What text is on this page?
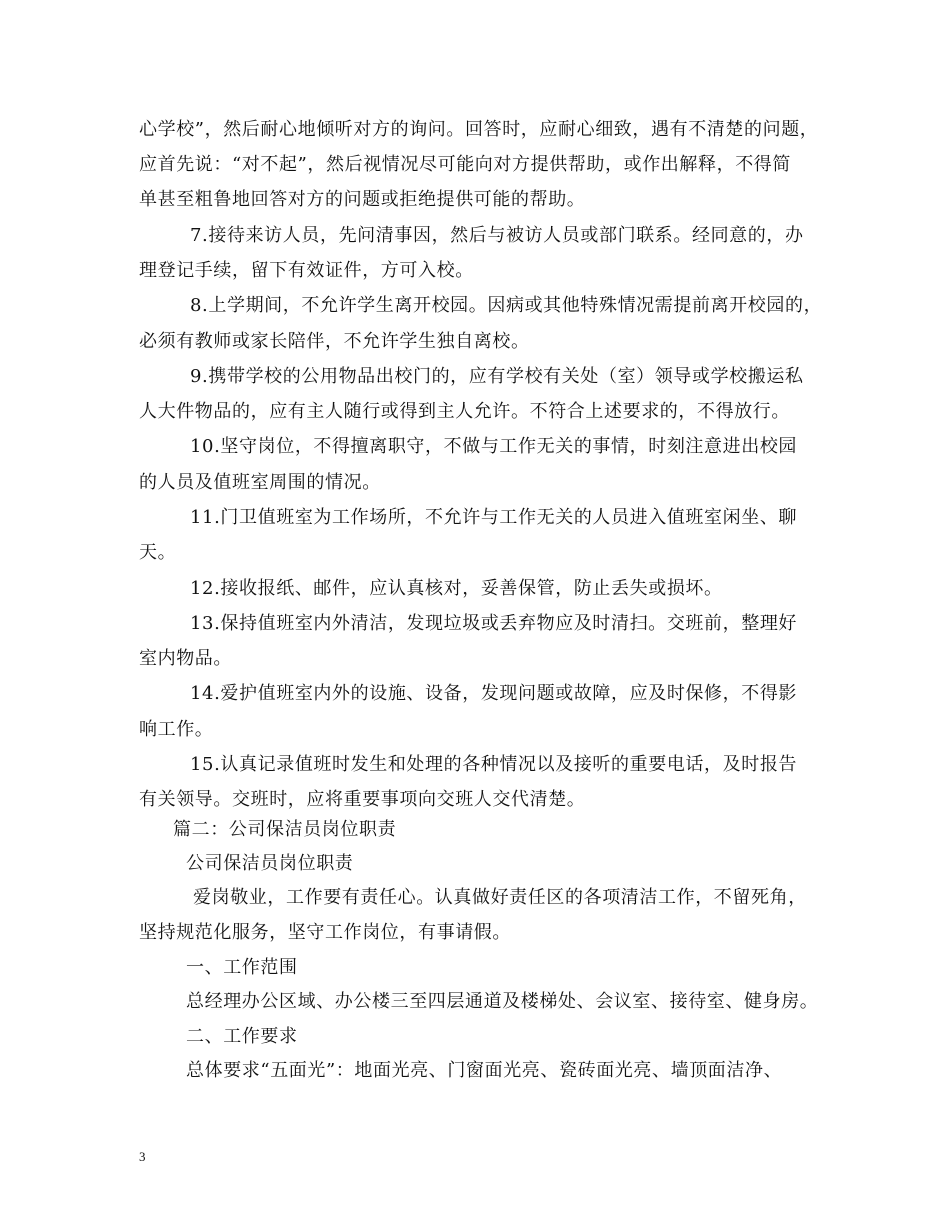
心学校”，然后耐心地倾听对方的询问。回答时，应耐心细致，遇有不清楚的问题，
应首先说：“对不起”，然后视情况尽可能向对方提供帮助，或作出解释，不得简
单甚至粗鲁地回答对方的问题或拒绝提供可能的帮助。
7.接待来访人员，先问清事因，然后与被访人员或部门联系。经同意的，办
理登记手续，留下有效证件，方可入校。
8.上学期间，不允许学生离开校园。因病或其他特殊情况需提前离开校园的，
必须有教师或家长陪伴，不允许学生独自离校。
9.携带学校的公用物品出校门的，应有学校有关处（室）领导或学校搬运私
人大件物品的，应有主人随行或得到主人允许。不符合上述要求的，不得放行。
10.坚守岗位，不得擅离职守，不做与工作无关的事情，时刻注意进出校园
的人员及值班室周围的情况。
11.门卫值班室为工作场所，不允许与工作无关的人员进入值班室闲坐、聊
天。
12.接收报纸、邮件，应认真核对，妥善保管，防止丢失或损坏。
13.保持值班室内外清洁，发现垃圾或丢弃物应及时清扫。交班前，整理好
室内物品。
14.爱护值班室内外的设施、设备，发现问题或故障，应及时保修，不得影
响工作。
15.认真记录值班时发生和处理的各种情况以及接听的重要电话，及时报告
有关领导。交班时，应将重要事项向交班人交代清楚。
篇二：公司保洁员岗位职责
公司保洁员岗位职责
爱岗敬业，工作要有责任心。认真做好责任区的各项清洁工作，不留死角，
坚持规范化服务，坚守工作岗位，有事请假。
一、工作范围
总经理办公区域、办公楼三至四层通道及楼梯处、会议室、接待室、健身房。
二、工作要求
总体要求“五面光”：地面光亮、门窗面光亮、瓷砖面光亮、墙顶面洁净、
3
